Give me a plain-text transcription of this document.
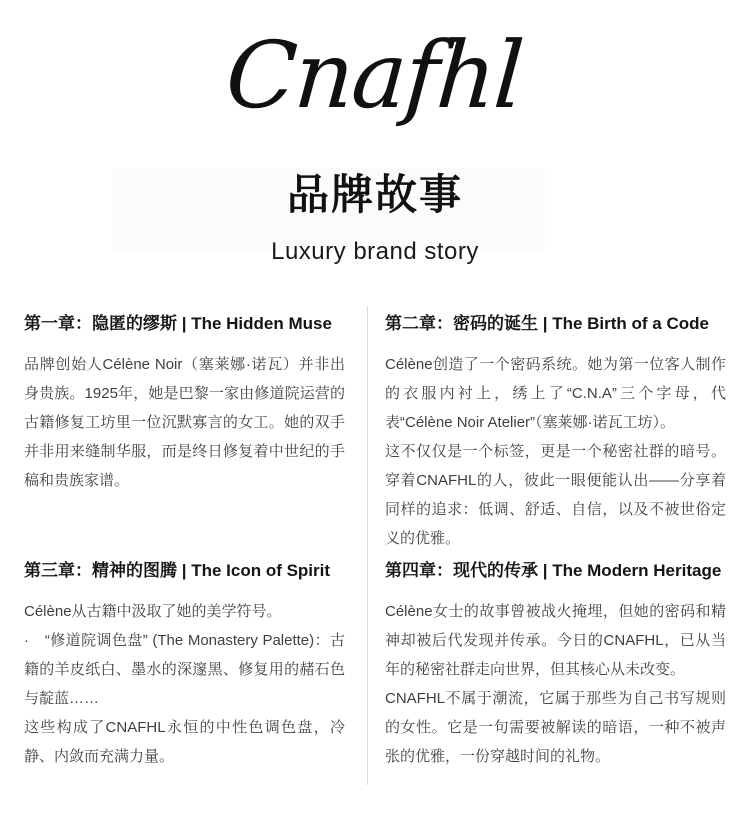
Cnafhl
品牌故事
Luxury brand story
第一章：隐匿的缪斯 | The Hidden Muse

品牌创始人Célène Noir（塞莱娜·诺瓦）并非出身贵族。1925年，她是巴黎一家由修道院运营的古籍修复工坊里一位沉默寡言的女工。她的双手并非用来缝制华服，而是终日修复着中世纪的手稿和贵族家谱。

第二章：密码的诞生 | The Birth of a Code

Célène创造了一个密码系统。她为第一位客人制作的衣服内衬上，绣上了“C.N.A”三个字母，代表“Célène Noir Atelier”（塞莱娜·诺瓦工坊）。

这不仅仅是一个标签，更是一个秘密社群的暗号。穿着CNAFHL的人，彼此一眼便能认出——分享着同样的追求：低调、舒适、自信，以及不被世俗定义的优雅。

第三章：精神的图腾 | The Icon of Spirit

Célène从古籍中汲取了她的美学符号。

·　“修道院调色盘” (The Monastery Palette)：古籍的羊皮纸白、墨水的深邃黑、修复用的赭石色与靛蓝……

这些构成了CNAFHL永恒的中性色调色盘，冷静、内敛而充满力量。

第四章：现代的传承 | The Modern Heritage

Célène女士的故事曾被战火掩埋，但她的密码和精神却被后代发现并传承。今日的CNAFHL，已从当年的秘密社群走向世界，但其核心从未改变。

CNAFHL不属于潮流，它属于那些为自己书写规则的女性。它是一句需要被解读的暗语，一种不被声张的优雅，一份穿越时间的礼物。
